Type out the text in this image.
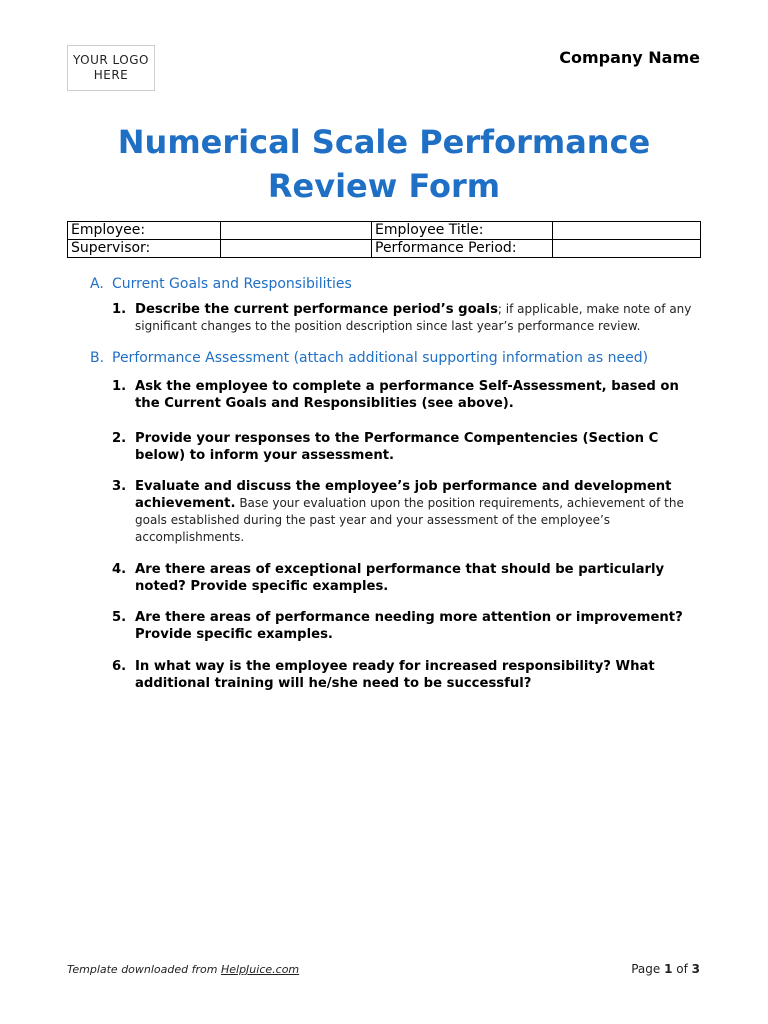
YOUR LOGO
HERE
Company Name
Numerical Scale Performance
Review Form
Employee:		Employee Title:	
Supervisor:		Performance Period:	
A. Current Goals and Responsibilities
1. Describe the current performance period’s goals; if applicable, make note of any significant changes to the position description since last year’s performance review.
B. Performance Assessment (attach additional supporting information as need)
1. Ask the employee to complete a performance Self-Assessment, based on the Current Goals and Responsiblities (see above).
2. Provide your responses to the Performance Compentencies (Section C below) to inform your assessment.
3. Evaluate and discuss the employee’s job performance and development achievement. Base your evaluation upon the position requirements, achievement of the goals established during the past year and your assessment of the employee’s accomplishments.
4. Are there areas of exceptional performance that should be particularly noted? Provide specific examples.
5. Are there areas of performance needing more attention or improvement? Provide specific examples.
6. In what way is the employee ready for increased responsibility? What additional training will he/she need to be successful?
Template downloaded from HelpJuice.com	Page 1 of 3
